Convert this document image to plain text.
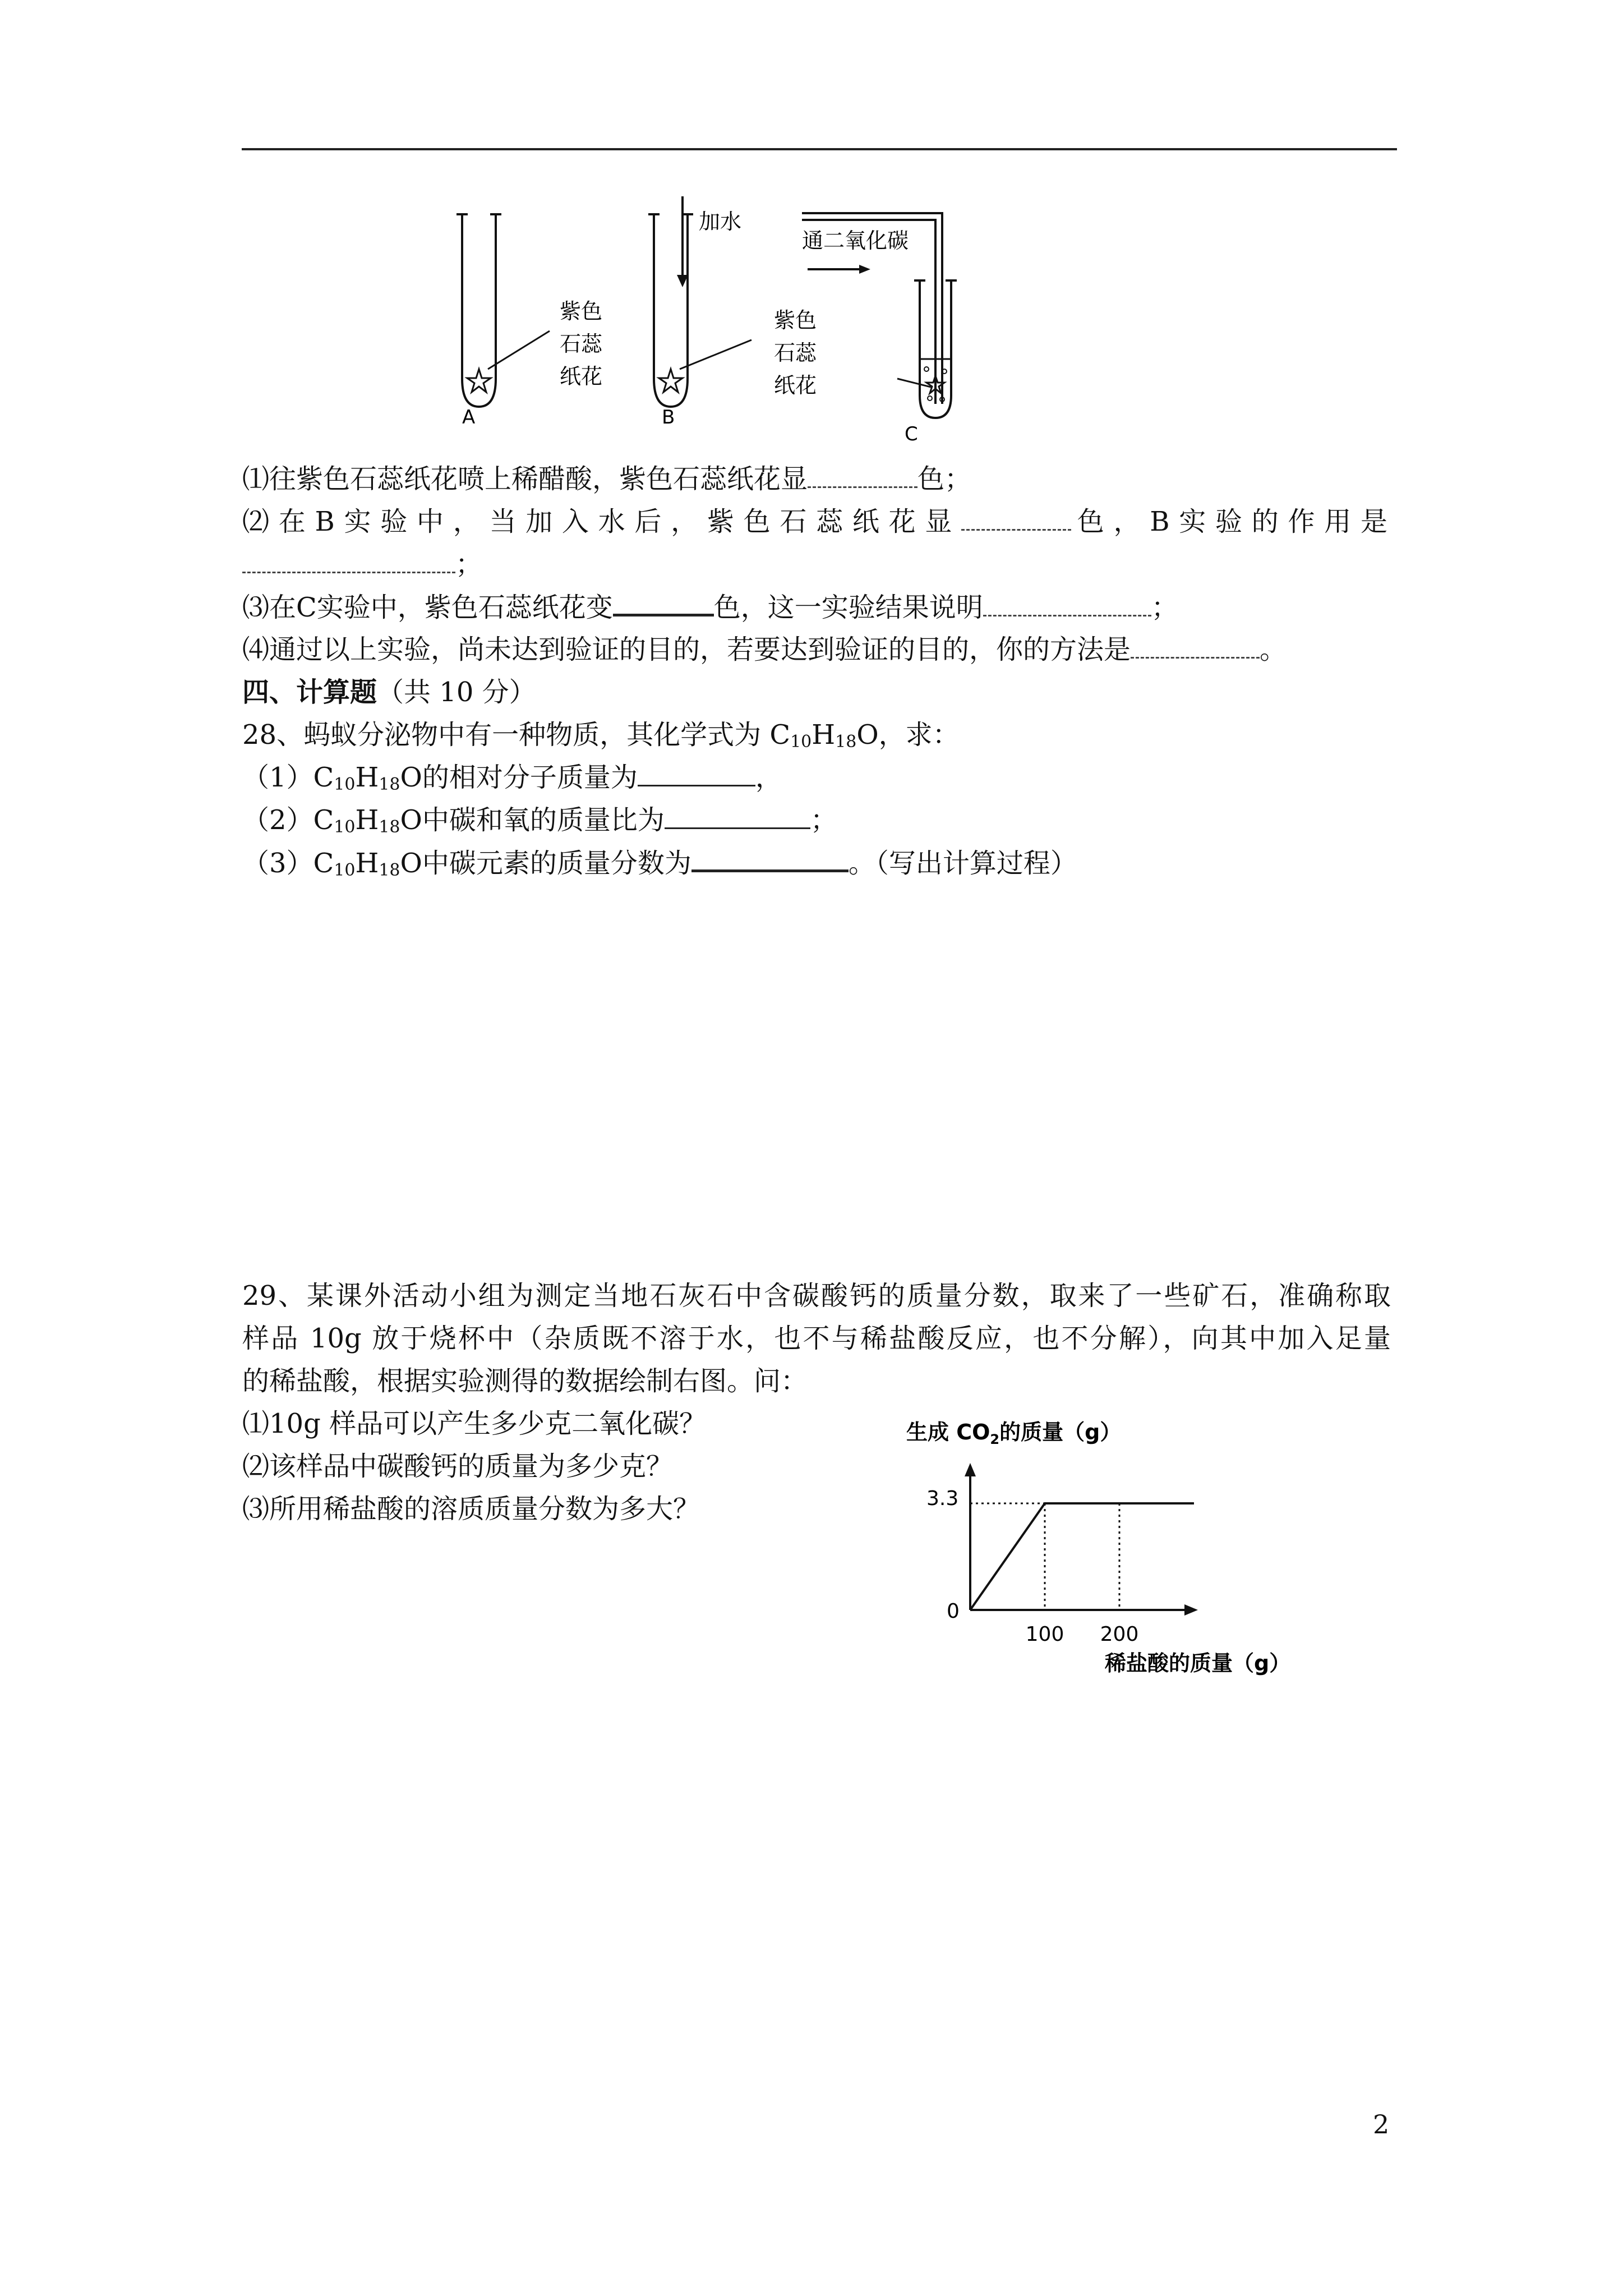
A	B
C
加水
通二氧化碳
紫色
石蕊
纸花
紫色
石蕊
纸花
⑴往紫色石蕊纸花喷上稀醋酸，紫色石蕊纸花显	色；
⑵在B实验中，当加入水后，紫色石蕊纸花显	色，B实验的作用是
；
⑶在C实验中，紫色石蕊纸花变	色，这一实验结果说明	；
⑷通过以上实验，尚未达到验证的目的，若要达到验证的目的，你的方法是	。
四、计算题（共 10 分）
28、蚂蚁分泌物中有一种物质，其化学式为 $C_{10}H_{18}O$，求：
$(1)C_{10}H_{18}O$的相对分子质量为	，
$(2)C_{10}H_{18}O$中碳和氧的质量比为	；
$(3)C_{10}H_{18}O$中碳元素的质量分数为	。（写出计算过程）
29、某课外活动小组为测定当地石灰石中含碳酸钙的质量分数，取来了一些矿石，准确称取
样品 10g 放于烧杯中（杂质既不溶于水，也不与稀盐酸反应，也不分解），向其中加入足量
的稀盐酸，根据实验测得的数据绘制右图。问：
⑴10g 样品可以产生多少克二氧化碳？
⑵该样品中碳酸钙的质量为多少克？
⑶所用稀盐酸的溶质质量分数为多大？
生成 $CO_2$的质量（g）
0
3.3
100 200
稀盐酸的质量（g）
2
